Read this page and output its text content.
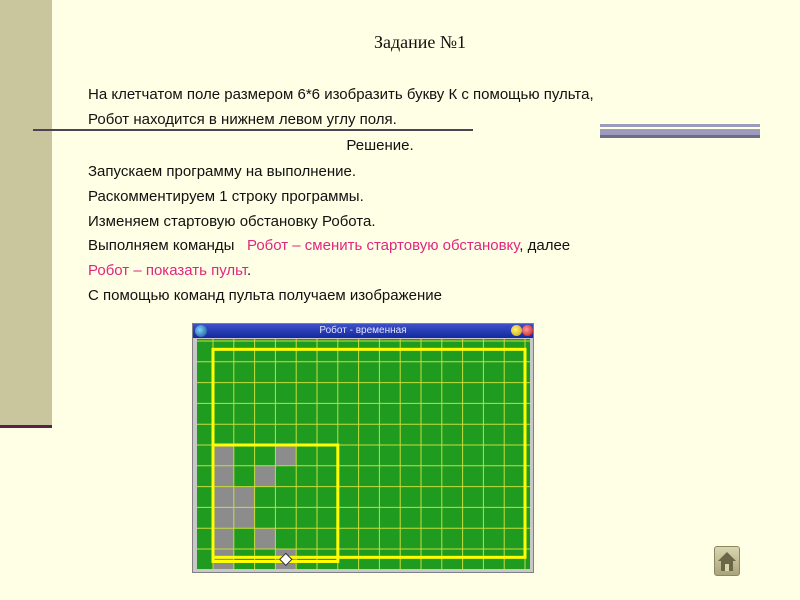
Задание №1
На клетчатом поле размером 6*6 изобразить букву К с помощью пульта,
Робот находится в нижнем левом углу поля.
Решение.
Запускаем программу на выполнение.
Раскомментируем 1 строку программы.
Изменяем стартовую обстановку Робота.
Выполняем команды Робот – сменить стартовую обстановку, далее
Робот – показать пульт.
С помощью команд пульта получаем изображение
Робот - временная
